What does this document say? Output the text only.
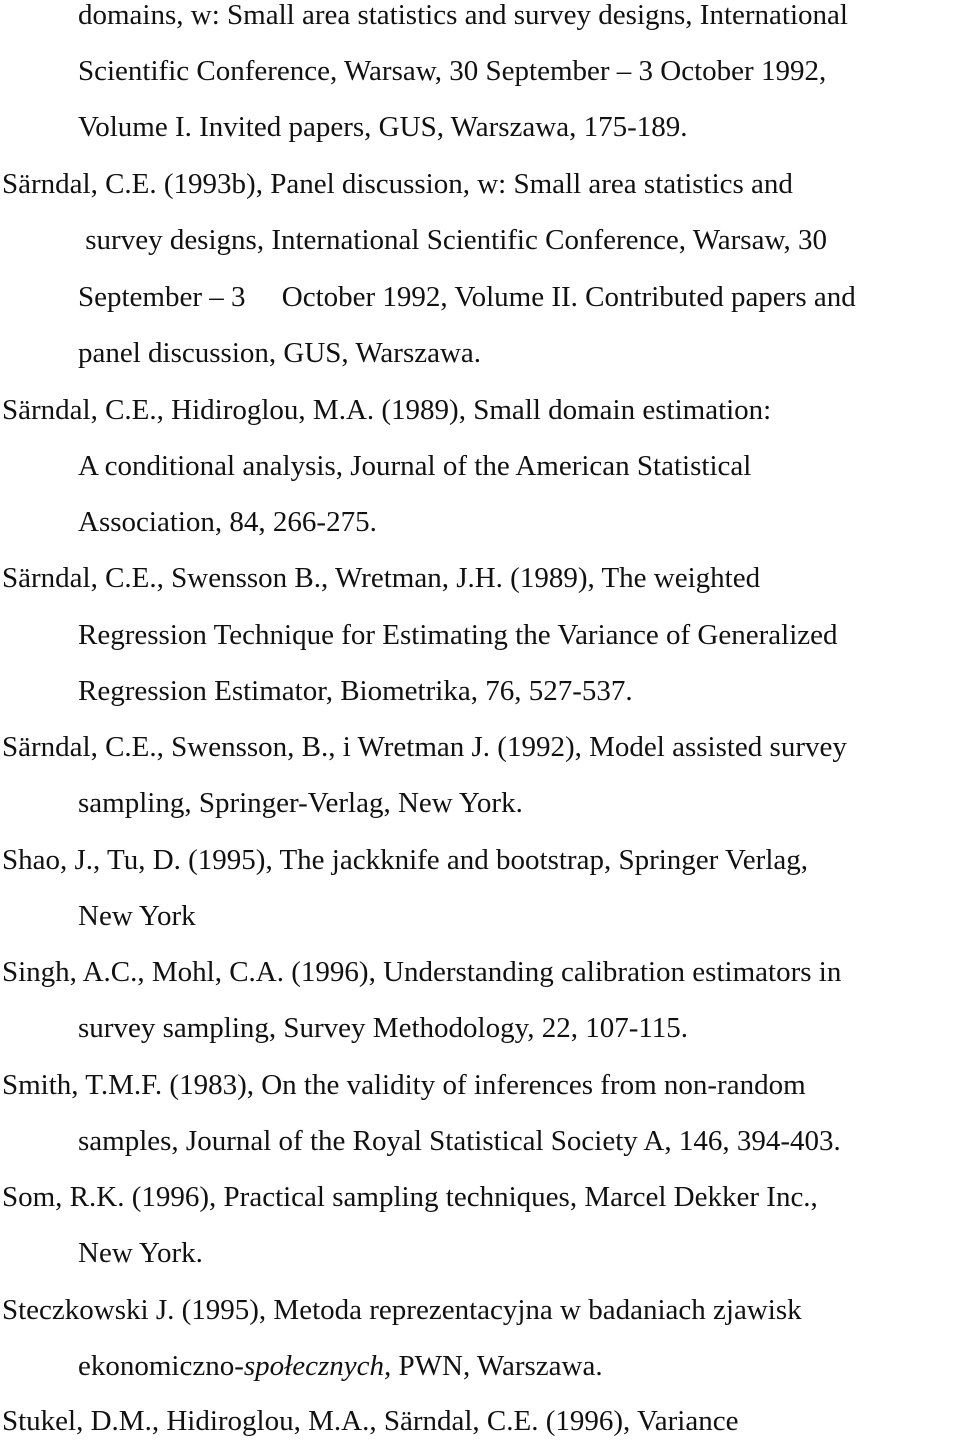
domains, w: Small area statistics and survey designs, International
Scientific Conference, Warsaw, 30 September – 3 October 1992,
Volume I. Invited papers, GUS, Warszawa, 175-189.
Särndal, C.E. (1993b), Panel discussion, w: Small area statistics and
survey designs, International Scientific Conference, Warsaw, 30
September – 3     October 1992, Volume II. Contributed papers and
panel discussion, GUS, Warszawa.
Särndal, C.E., Hidiroglou, M.A. (1989), Small domain estimation:
A conditional analysis, Journal of the American Statistical
Association, 84, 266-275.
Särndal, C.E., Swensson B., Wretman, J.H. (1989), The weighted
Regression Technique for Estimating the Variance of Generalized
Regression Estimator, Biometrika, 76, 527-537.
Särndal, C.E., Swensson, B., i Wretman J. (1992), Model assisted survey
sampling, Springer-Verlag, New York.
Shao, J., Tu, D. (1995), The jackknife and bootstrap, Springer Verlag,
New York
Singh, A.C., Mohl, C.A. (1996), Understanding calibration estimators in
survey sampling, Survey Methodology, 22, 107-115.
Smith, T.M.F. (1983), On the validity of inferences from non-random
samples, Journal of the Royal Statistical Society A, 146, 394-403.
Som, R.K. (1996), Practical sampling techniques, Marcel Dekker Inc.,
New York.
Steczkowski J. (1995), Metoda reprezentacyjna w badaniach zjawisk
ekonomiczno-społecznych, PWN, Warszawa.
Stukel, D.M., Hidiroglou, M.A., Särndal, C.E. (1996), Variance
